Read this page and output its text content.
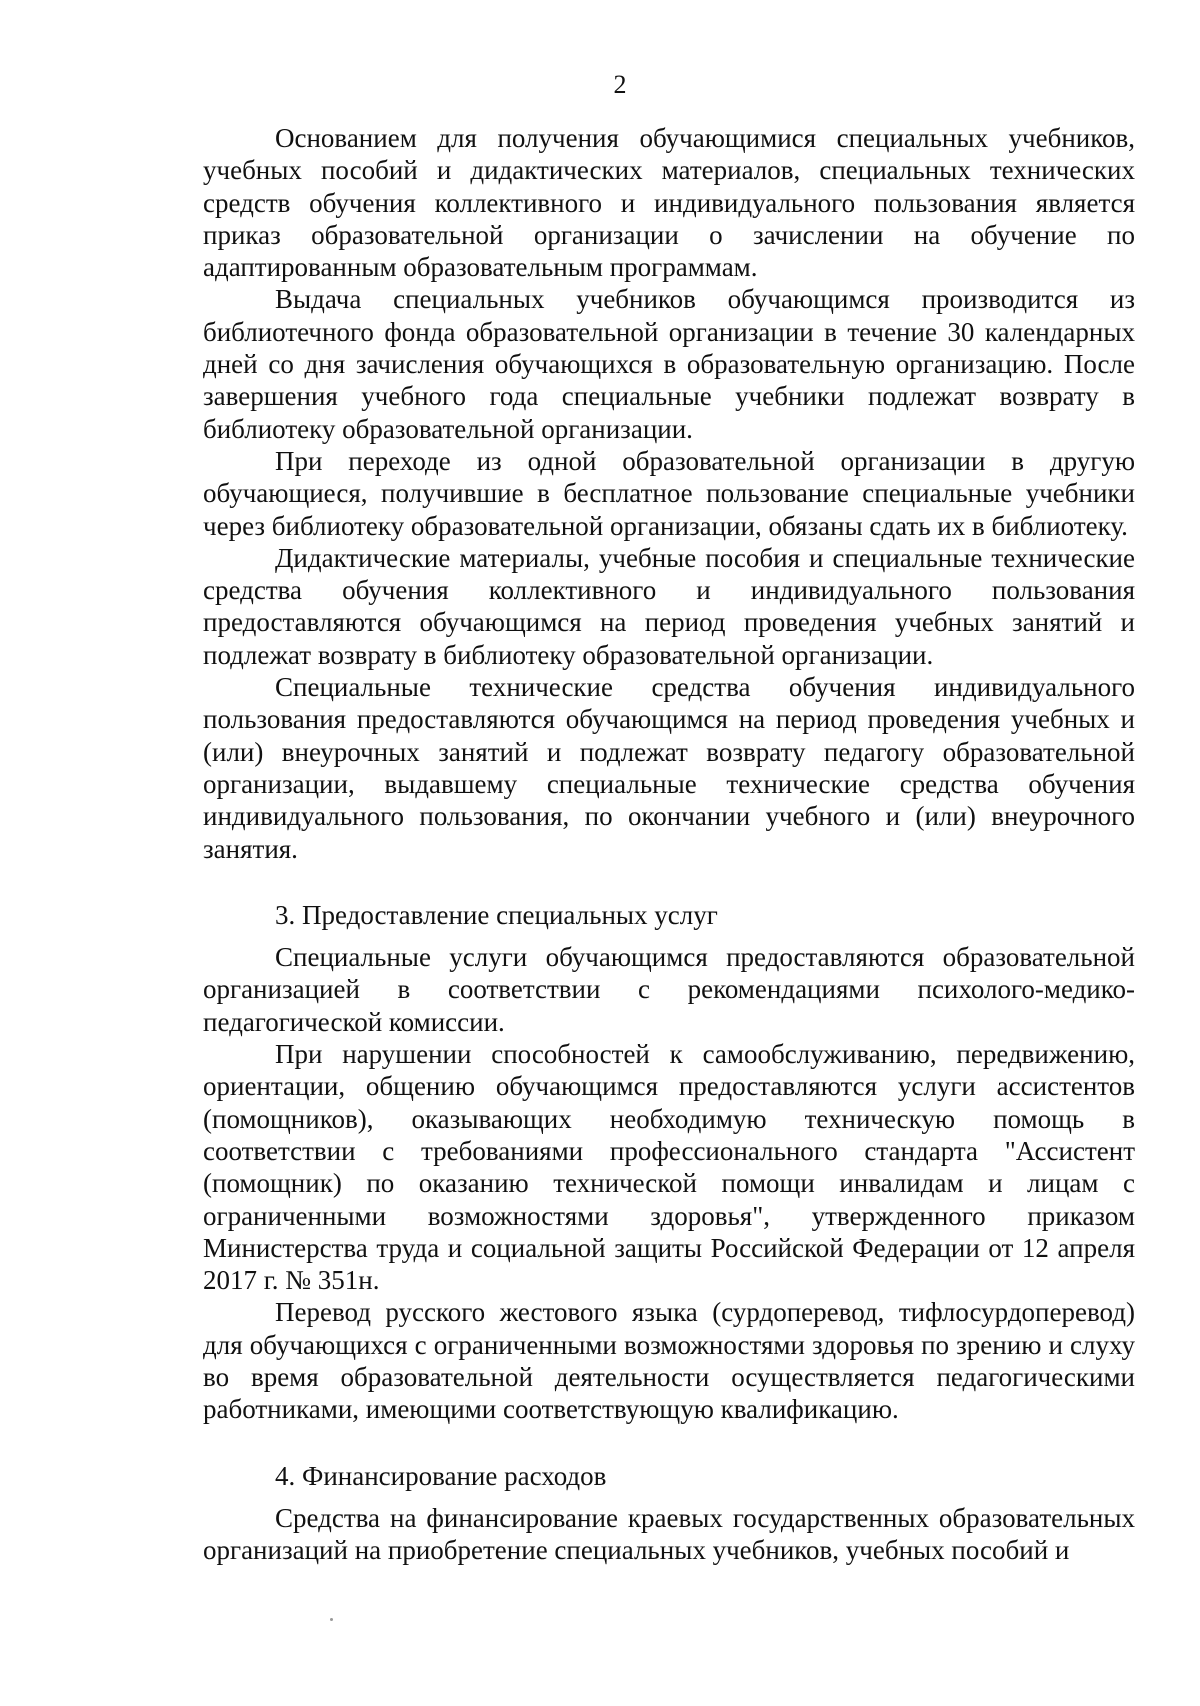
2

Основанием для получения обучающимися специальных учебников, учебных пособий и дидактических материалов, специальных технических средств обучения коллективного и индивидуального пользования является приказ образовательной организации о зачислении на обучение по адаптированным образовательным программам.

Выдача специальных учебников обучающимся производится из библиотечного фонда образовательной организации в течение 30 календарных дней со дня зачисления обучающихся в образовательную организацию. После завершения учебного года специальные учебники подлежат возврату в библиотеку образовательной организации.

При переходе из одной образовательной организации в другую обучающиеся, получившие в бесплатное пользование специальные учебники через библиотеку образовательной организации, обязаны сдать их в библиотеку.

Дидактические материалы, учебные пособия и специальные технические средства обучения коллективного и индивидуального пользования предоставляются обучающимся на период проведения учебных занятий и подлежат возврату в библиотеку образовательной организации.

Специальные технические средства обучения индивидуального пользования предоставляются обучающимся на период проведения учебных и (или) внеурочных занятий и подлежат возврату педагогу образовательной организации, выдавшему специальные технические средства обучения индивидуального пользования, по окончании учебного и (или) внеурочного занятия.

3. Предоставление специальных услуг

Специальные услуги обучающимся предоставляются образовательной организацией в соответствии с рекомендациями психолого-медико-педагогической комиссии.

При нарушении способностей к самообслуживанию, передвижению, ориентации, общению обучающимся предоставляются услуги ассистентов (помощников), оказывающих необходимую техническую помощь в соответствии с требованиями профессионального стандарта "Ассистент (помощник) по оказанию технической помощи инвалидам и лицам с ограниченными возможностями здоровья", утвержденного приказом Министерства труда и социальной защиты Российской Федерации от 12 апреля 2017 г. № 351н.

Перевод русского жестового языка (сурдоперевод, тифлосурдоперевод) для обучающихся с ограниченными возможностями здоровья по зрению и слуху во время образовательной деятельности осуществляется педагогическими работниками, имеющими соответствующую квалификацию.

4. Финансирование расходов

Средства на финансирование краевых государственных образовательных организаций на приобретение специальных учебников, учебных пособий и
